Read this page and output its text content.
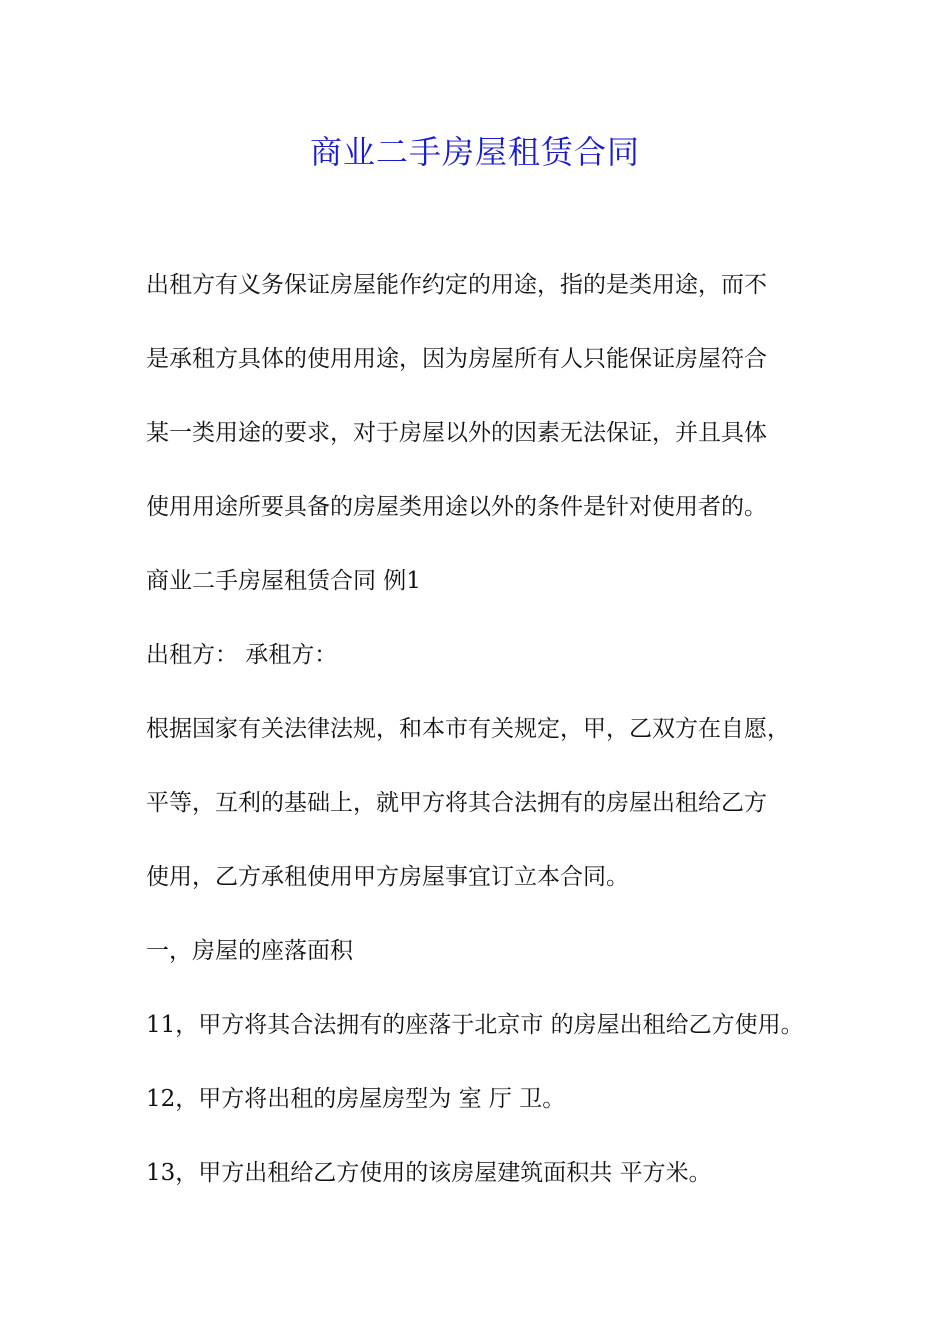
商业二手房屋租赁合同

出租方有义务保证房屋能作约定的用途，指的是类用途，而不

是承租方具体的使用用途，因为房屋所有人只能保证房屋符合

某一类用途的要求，对于房屋以外的因素无法保证，并且具体

使用用途所要具备的房屋类用途以外的条件是针对使用者的。

商业二手房屋租赁合同 例1

出租方： 承租方：

根据国家有关法律法规，和本市有关规定，甲，乙双方在自愿，

平等，互利的基础上，就甲方将其合法拥有的房屋出租给乙方

使用，乙方承租使用甲方房屋事宜订立本合同。

一，房屋的座落面积

11，甲方将其合法拥有的座落于北京市 的房屋出租给乙方使用。

12，甲方将出租的房屋房型为 室 厅 卫。

13，甲方出租给乙方使用的该房屋建筑面积共 平方米。
